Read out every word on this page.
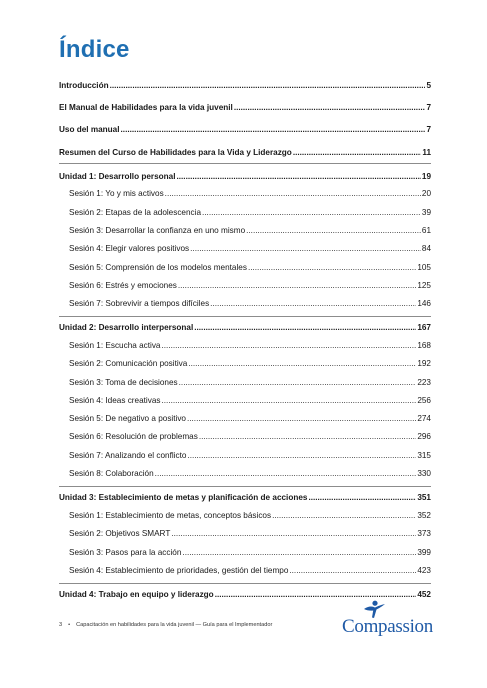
Índice
Introducción .....	5
El Manual de Habilidades para la vida juvenil .....	7
Uso del manual .....	7
Resumen del Curso de Habilidades para la Vida y Liderazgo .....	11
Unidad 1: Desarrollo personal .....	19
Sesión 1: Yo y mis activos .....	20
Sesión 2: Etapas de la adolescencia .....	39
Sesión 3: Desarrollar la confianza en uno mismo .....	61
Sesión 4: Elegir valores positivos .....	84
Sesión 5: Comprensión de los modelos mentales .....	105
Sesión 6: Estrés y emociones .....	125
Sesión 7: Sobrevivir a tiempos difíciles .....	146
Unidad 2: Desarrollo interpersonal .....	167
Sesión 1: Escucha activa .....	168
Sesión 2: Comunicación positiva .....	192
Sesión 3: Toma de decisiones .....	223
Sesión 4: Ideas creativas .....	256
Sesión 5: De negativo a positivo .....	274
Sesión 6: Resolución de problemas .....	296
Sesión 7: Analizando el conflicto .....	315
Sesión 8: Colaboración .....	330
Unidad 3: Establecimiento de metas y planificación de acciones .....	351
Sesión 1: Establecimiento de metas, conceptos básicos .....	352
Sesión 2: Objetivos SMART .....	373
Sesión 3: Pasos para la acción .....	399
Sesión 4: Establecimiento de prioridades, gestión del tiempo .....	423
Unidad 4: Trabajo en equipo y liderazgo .....	452
3 • Capacitación en habilidades para la vida juvenil — Guía para el Implementador	Compassion
